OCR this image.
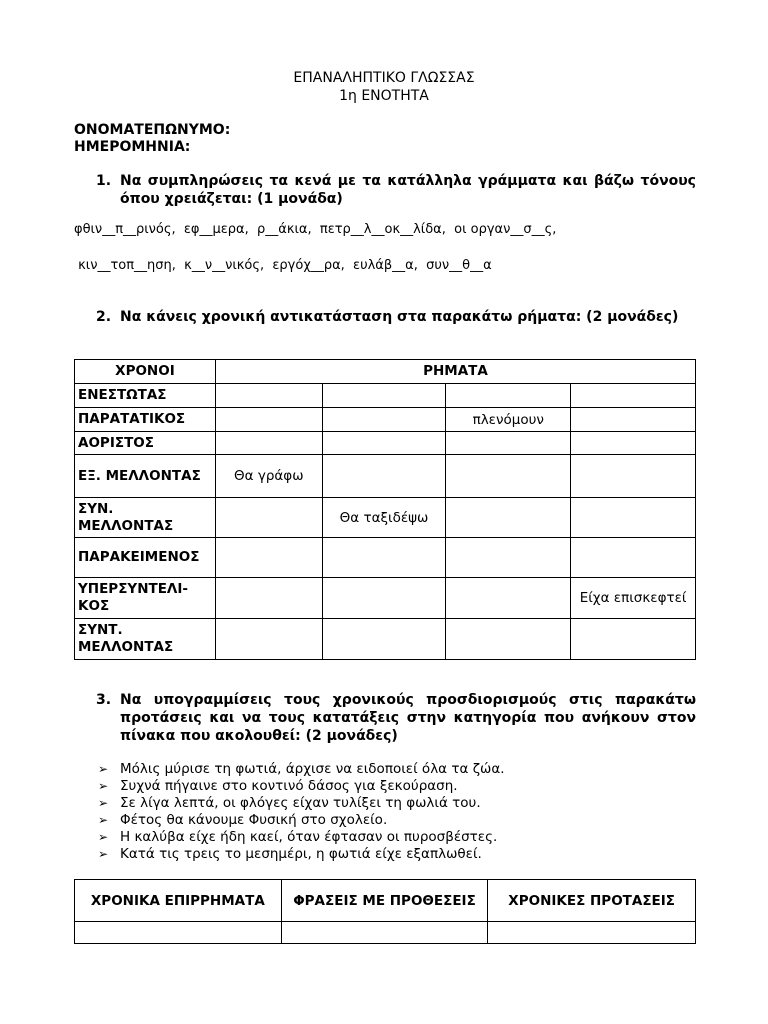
ΕΠΑΝΑΛΗΠΤΙΚΟ ΓΛΩΣΣΑΣ
1η ΕΝΟΤΗΤΑ
ΟΝΟΜΑΤΕΠΩΝΥΜΟ:
ΗΜΕΡΟΜΗΝΙΑ:
1. Να συμπληρώσεις τα κενά με τα κατάλληλα γράμματα και βάζω τόνους όπου χρειάζεται: (1 μονάδα)
φθιν__π__ρινός,  εφ__μερα,  ρ__άκια,  πετρ__λ__οκ__λίδα,  οι οργαν__σ__ς,
κιν__τοπ__ηση,  κ__ν__νικός,  εργόχ__ρα,  ευλάβ__α,  συν__θ__α
2. Να κάνεις χρονική αντικατάσταση στα παρακάτω ρήματα: (2 μονάδες)
ΧΡΟΝΟΙ	ΡΗΜΑΤΑ			
ΕΝΕΣΤΩΤΑΣ				
ΠΑΡΑΤΑΤΙΚΟΣ			πλενόμουν	
ΑΟΡΙΣΤΟΣ				
ΕΞ. ΜΕΛΛΟΝΤΑΣ	Θα γράφω			
ΣΥΝ. ΜΕΛΛΟΝΤΑΣ		Θα ταξιδέψω		
ΠΑΡΑΚΕΙΜΕΝΟΣ				
ΥΠΕΡΣΥΝΤΕΛΙ-ΚΟΣ				Είχα επισκεφτεί
ΣΥΝΤ. ΜΕΛΛΟΝΤΑΣ				
3. Να υπογραμμίσεις τους χρονικούς προσδιορισμούς στις παρακάτω προτάσεις και να τους κατατάξεις στην κατηγορία που ανήκουν στον πίνακα που ακολουθεί: (2 μονάδες)
➢ Μόλις μύρισε τη φωτιά, άρχισε να ειδοποιεί όλα τα ζώα.
➢ Συχνά πήγαινε στο κοντινό δάσος για ξεκούραση.
➢ Σε λίγα λεπτά, οι φλόγες είχαν τυλίξει τη φωλιά του.
➢ Φέτος θα κάνουμε Φυσική στο σχολείο.
➢ Η καλύβα είχε ήδη καεί, όταν έφτασαν οι πυροσβέστες.
➢ Κατά τις τρεις το μεσημέρι, η φωτιά είχε εξαπλωθεί.
ΧΡΟΝΙΚΑ ΕΠΙΡΡΗΜΑΤΑ	ΦΡΑΣΕΙΣ ΜΕ ΠΡΟΘΕΣΕΙΣ	ΧΡΟΝΙΚΕΣ ΠΡΟΤΑΣΕΙΣ
